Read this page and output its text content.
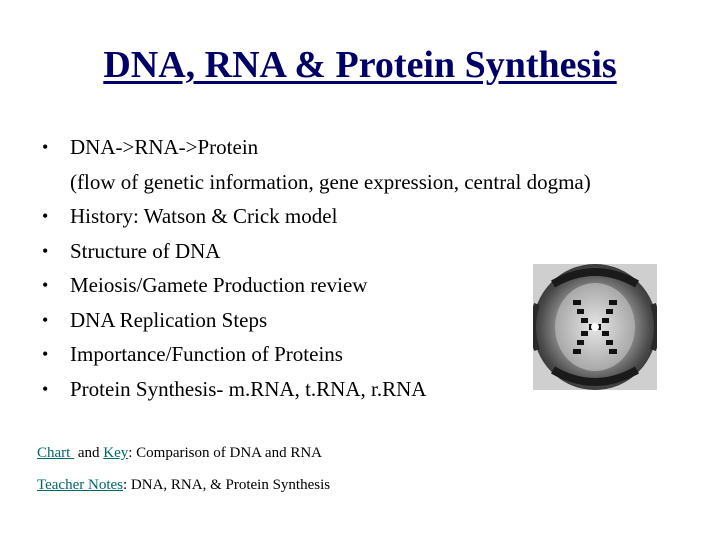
DNA, RNA & Protein Synthesis
• DNA->RNA->Protein
(flow of genetic information, gene expression, central dogma)
• History: Watson & Crick model
• Structure of DNA
• Meiosis/Gamete Production review
• DNA Replication Steps
• Importance/Function of Proteins
• Protein Synthesis- m.RNA, t.RNA, r.RNA
Chart  and Key: Comparison of DNA and RNA
Teacher Notes: DNA, RNA, & Protein Synthesis
